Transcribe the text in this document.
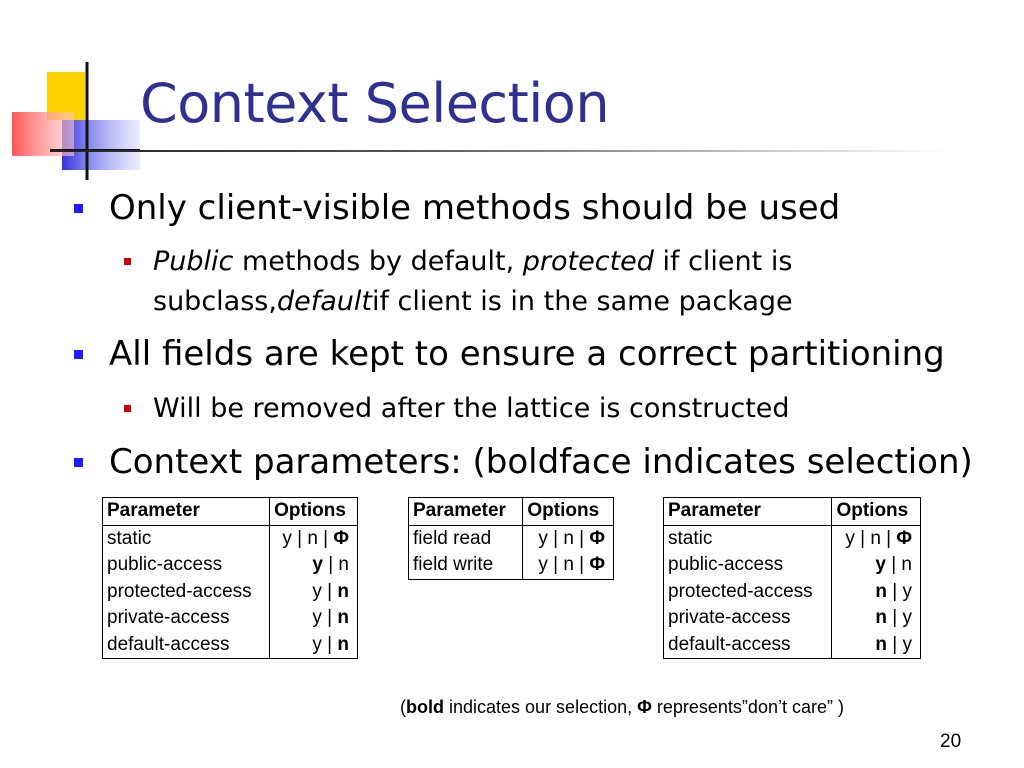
Context Selection
Only client-visible methods should be used
Public methods by default, protected if client is
subclass, default if client is in the same package
All fields are kept to ensure a correct partitioning
Will be removed after the lattice is constructed
Context parameters: (boldface indicates selection)
Parameter	Options
static	y | n | Φ
public-access	y | n
protected-access	y | n
private-access	y | n
default-access	y | n
Parameter	Options
field read	y | n | Φ
field write	y | n | Φ
Parameter	Options
static	y | n | Φ
public-access	y | n
protected-access	n | y
private-access	n | y
default-access	n | y
(bold indicates our selection, Φ represents”don’t care” )
20
